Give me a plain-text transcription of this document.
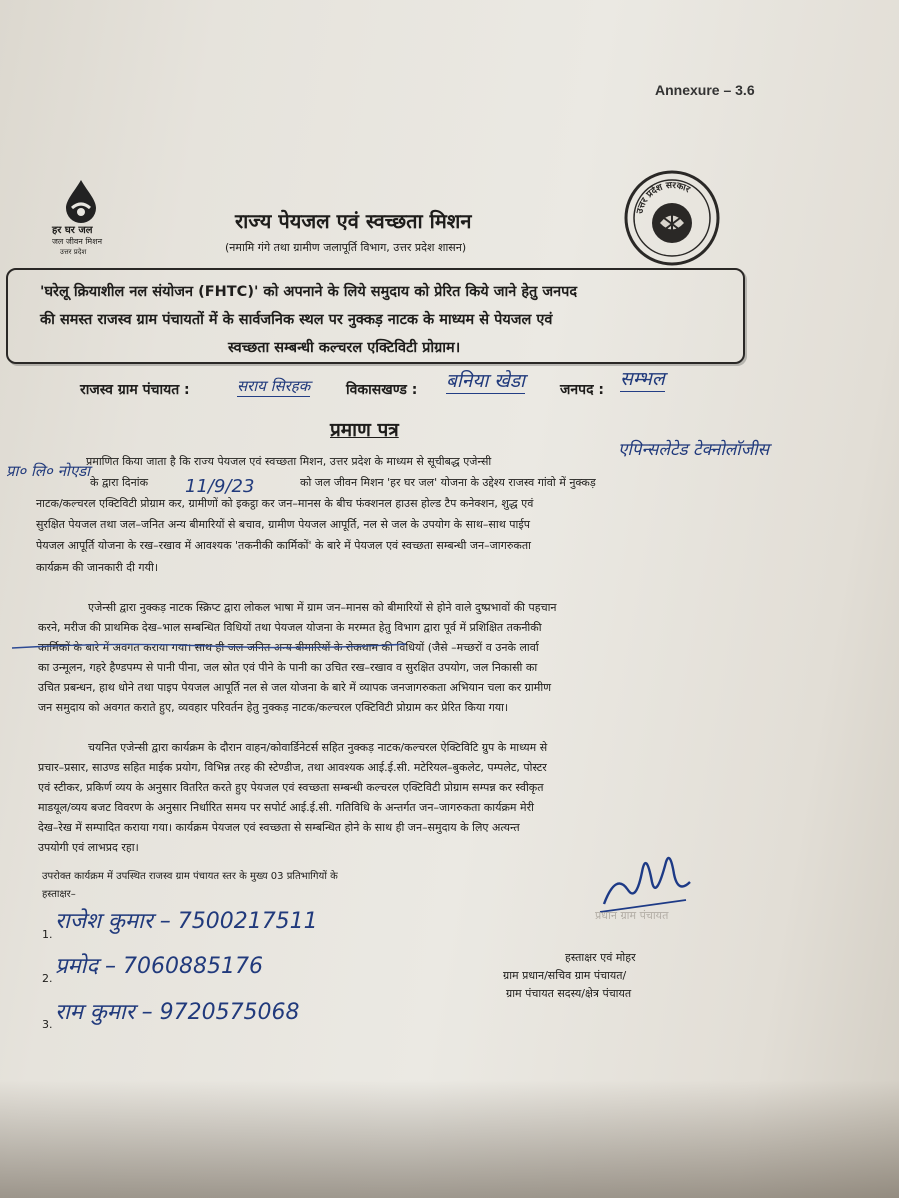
Annexure – 3.6
हर घर जल
जल जीवन मिशन
उत्तर प्रदेश
उत्तर प्रदेश सरकार
राज्य पेयजल एवं स्वच्छता मिशन
(नमामि गंगे तथा ग्रामीण जलापूर्ति विभाग, उत्तर प्रदेश शासन)
'घरेलू क्रियाशील नल संयोजन (FHTC)' को अपनाने के लिये समुदाय को प्रेरित किये जाने हेतु जनपद
की समस्त राजस्व ग्राम पंचायतों में के सार्वजनिक स्थल पर नुक्कड़ नाटक के माध्यम से पेयजल एवं
स्वच्छता सम्बन्धी कल्चरल एक्टिविटी प्रोग्राम।
राजस्व ग्राम पंचायत :	सराय सिरहक	विकासखण्ड : बनिया खेडा	जनपद : सम्भल
प्रमाण पत्र
एपिन्सलेटेड टेक्नोलॉजीस
प्रा० लि० नोएडा
प्रमाणित किया जाता है कि राज्य पेयजल एवं स्वच्छता मिशन, उत्तर प्रदेश के माध्यम से सूचीबद्ध एजेन्सी
के द्वारा दिनांक 11/9/23	को जल जीवन मिशन 'हर घर जल' योजना के उद्देश्य राजस्व गांवो में नुक्कड़
नाटक/कल्चरल एक्टिविटी प्रोग्राम कर, ग्रामीणों को इकट्ठा कर जन–मानस के बीच फंक्शनल हाउस होल्ड टैप कनेक्शन, शुद्ध एवं
सुरक्षित पेयजल तथा जल–जनित अन्य बीमारियों से बचाव, ग्रामीण पेयजल आपूर्ति, नल से जल के उपयोग के साथ–साथ पाईप
पेयजल आपूर्ति योजना के रख–रखाव में आवश्यक 'तकनीकी कार्मिकों' के बारे में पेयजल एवं स्वच्छता सम्बन्धी जन–जागरुकता
कार्यक्रम की जानकारी दी गयी।
एजेन्सी द्वारा नुक्कड़ नाटक स्क्रिप्ट द्वारा लोकल भाषा में ग्राम जन–मानस को बीमारियों से होने वाले दुष्प्रभावों की पहचान
करने, मरीज की प्राथमिक देख–भाल सम्बन्धित विधियों तथा पेयजल योजना के मरम्मत हेतु विभाग द्वारा पूर्व में प्रशिक्षित तकनीकी
कार्मिकों के बारे में अवगत कराया गया। साथ ही जल जनित अन्य बीमारियों के रोकथाम की विधियों (जैसे –मच्छरों व उनके लार्वा
का उन्मूलन, गहरे हैण्डपम्प से पानी पीना, जल स्रोत एवं पीने के पानी का उचित रख–रखाव व सुरक्षित उपयोग, जल निकासी का
उचित प्रबन्धन, हाथ धोने तथा पाइप पेयजल आपूर्ति नल से जल योजना के बारे में व्यापक जनजागरुकता अभियान चला कर ग्रामीण
जन समुदाय को अवगत कराते हुए, व्यवहार परिवर्तन हेतु नुक्कड़ नाटक/कल्चरल एक्टिविटी प्रोग्राम कर प्रेरित किया गया।
चयनित एजेन्सी द्वारा कार्यक्रम के दौरान वाहन/कोवार्डिनेटर्स सहित नुक्कड़ नाटक/कल्चरल ऐक्टिविटि ग्रुप के माध्यम से
प्रचार–प्रसार, साउण्ड सहित माईक प्रयोग, विभिन्न तरह की स्टेण्डीज, तथा आवश्यक आई.ई.सी. मटेरियल–बुकलेट, पम्पलेट, पोस्टर
एवं स्टीकर, प्रकिर्ण व्यय के अनुसार वितरित करते हुए पेयजल एवं स्वच्छता सम्बन्धी कल्चरल एक्टिविटी प्रोग्राम सम्पन्न कर स्वीकृत
माडयूल/व्यय बजट विवरण के अनुसार निर्धारित समय पर सपोर्ट आई.ई.सी. गतिविधि के अन्तर्गत जन–जागरुकता कार्यक्रम मेरी
देख–रेख में सम्पादित कराया गया। कार्यक्रम पेयजल एवं स्वच्छता से सम्बन्धित होने के साथ ही जन–समुदाय के लिए अत्यन्त
उपयोगी एवं लाभप्रद रहा।
उपरोक्त कार्यक्रम में उपस्थित राजस्व ग्राम पंचायत स्तर के मुख्य 03 प्रतिभागियों के
हस्ताक्षर–
1.
राजेश कुमार – 7500217511
2. प्रमोद – 7060885176
3. राम कुमार – 9720575068
प्रधान ग्राम पंचायत
हस्ताक्षर एवं मोहर
ग्राम प्रधान/सचिव ग्राम पंचायत/
ग्राम पंचायत सदस्य/क्षेत्र पंचायत
